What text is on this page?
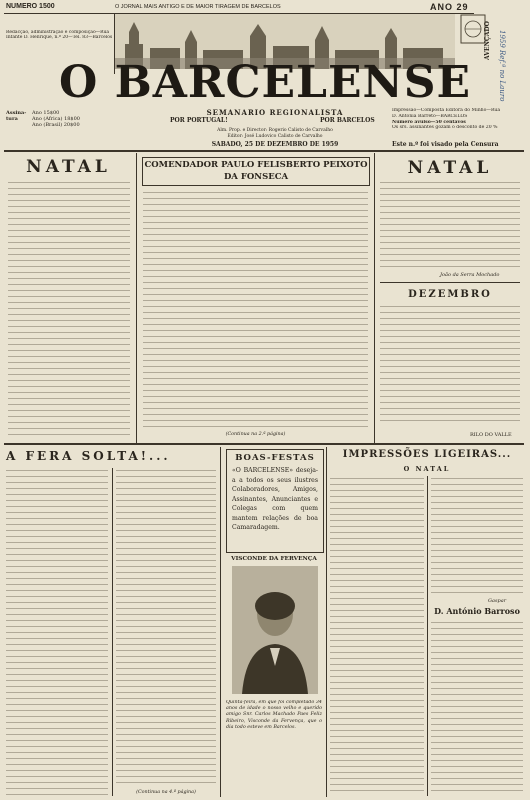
NUMERO 1500	O JORNAL MAIS ANTIGO E DE MAIOR TIRAGEM DE BARCELOS	ANO 29
Redacção, administração e composição—Rua
Infante D. Henrique, n.º 20—Tel. 83—Barcelos
O BARCELENSE
AVENÇADO 1959 Ref.ª no Lauro
Assina-
tura
Ano 15$00
Ano (Africa) 18$00
Ano (Brasil) 20$00
SEMANARIO REGIONALISTA
POR PORTUGAL!	POR BARCELOS
Alm. Prop. e Director: Rogerio Calisto de Carvalho
Editor: José Ludovico Calisto de Carvalho
SABADO, 25 DE DEZEMBRO DE 1959
Impressão—Composta Editora do Minho—Rua
D. Antónia Barreto—BARCELOS
Número avulso—50 centavos
Os srs. assinantes gozam o desconto de 20 %
Este n.º foi visado pela Censura
NATAL	COMENDADOR PAULO FELISBERTO PEIXOTO DA FONSECA
(Continua na 2.ª página)
NATAL
João da Serra Mochado
DEZEMBRO
RILO DO VALLE
A FERA SOLTA!...
(Continua na 4.ª página)
BOAS-FESTAS
«O BARCELENSE» deseja-a a todos os seus ilustres Colaboradores, Amigos, Assinantes, Anunciantes e Colegas com quem mantem relações de boa Camaradagem.
VISCONDE DA FERVENÇA
Quinta-feira, em que foi completado 34 anos de idade o nosso velho e querido amigo Snr. Carlos Machado Paes Feliz Ribeiro, Visconde da Fervença, que o dia todo esteve em Barcelos.
IMPRESSÕES LIGEIRAS...
O NATAL
Gaspar
D. António Barroso
